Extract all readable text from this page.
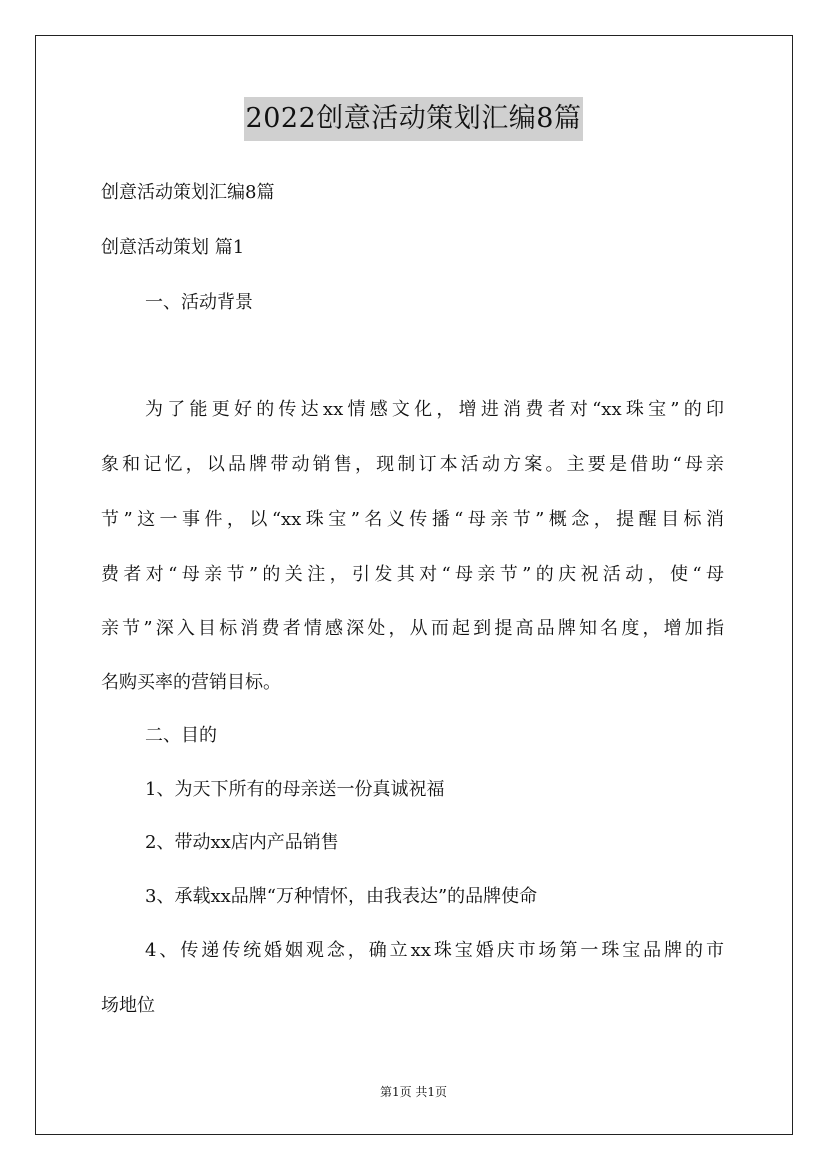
2022创意活动策划汇编8篇
创意活动策划汇编8篇
创意活动策划 篇1
一、活动背景
为了能更好的传达xx情感文化，增进消费者对“xx珠宝”的印
象和记忆，以品牌带动销售，现制订本活动方案。主要是借助“母亲
节”这一事件，以“xx珠宝”名义传播“母亲节”概念，提醒目标消
费者对“母亲节”的关注，引发其对“母亲节”的庆祝活动，使“母
亲节”深入目标消费者情感深处，从而起到提高品牌知名度，增加指
名购买率的营销目标。
二、目的
1、为天下所有的母亲送一份真诚祝福
2、带动xx店内产品销售
3、承载xx品牌“万种情怀，由我表达”的品牌使命
4、传递传统婚姻观念，确立xx珠宝婚庆市场第一珠宝品牌的市
场地位
第1页 共1页
